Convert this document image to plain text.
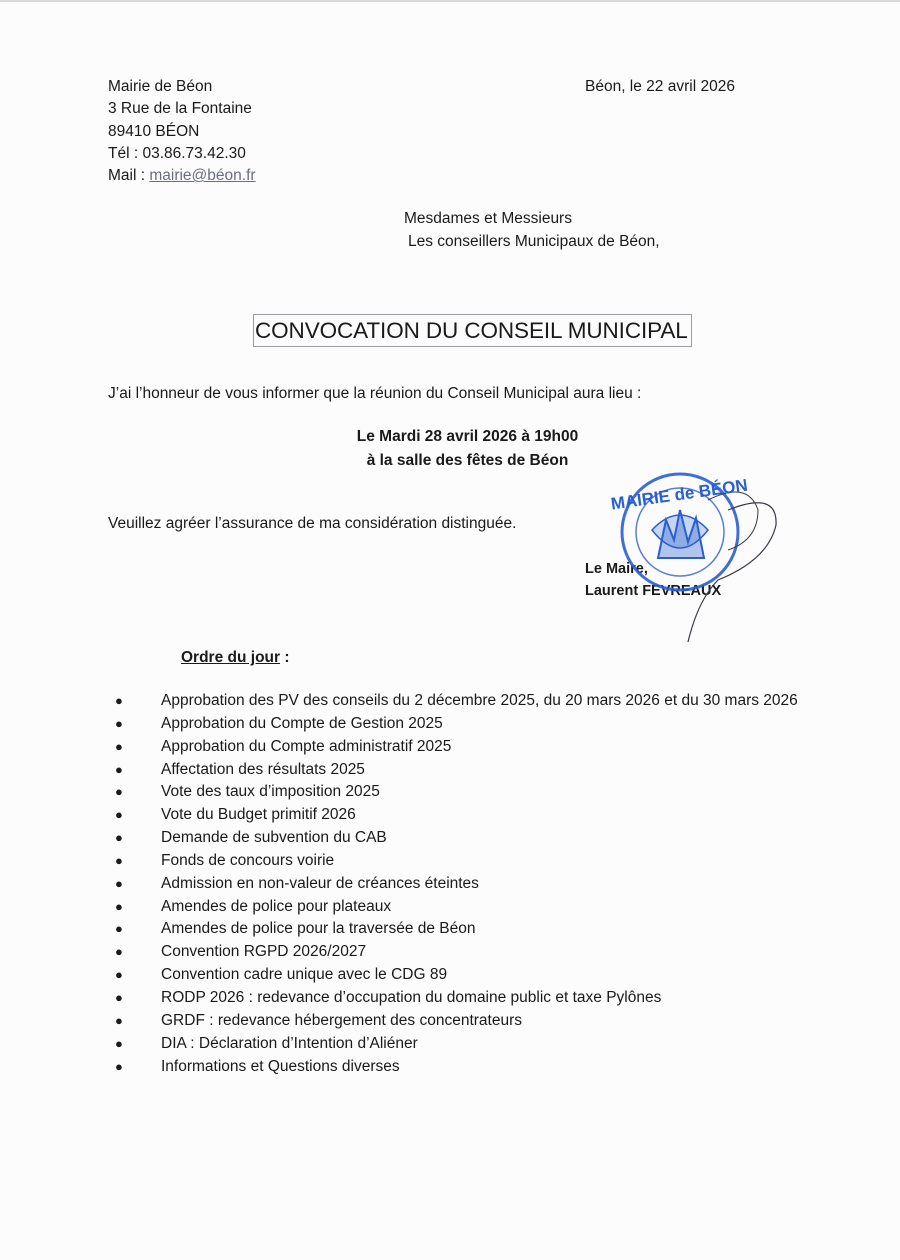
Mairie de Béon
3 Rue de la Fontaine
89410 BÉON
Tél : 03.86.73.42.30
Mail : mairie@béon.fr
Béon, le 22 avril 2026
Mesdames et Messieurs
Les conseillers Municipaux de Béon,
CONVOCATION DU CONSEIL MUNICIPAL
J’ai l’honneur de vous informer que la réunion du Conseil Municipal aura lieu :
Le Mardi 28 avril 2026 à 19h00
à la salle des fêtes de Béon
Veuillez agréer l’assurance de ma considération distinguée.
Le Maire,
Laurent FEVREAUX
MAIRIE de BÉON
Ordre du jour :
● Approbation des PV des conseils du 2 décembre 2025, du 20 mars 2026 et du 30 mars 2026
● Approbation du Compte de Gestion 2025
● Approbation du Compte administratif 2025
● Affectation des résultats 2025
● Vote des taux d’imposition 2025
● Vote du Budget primitif 2026
● Demande de subvention du CAB
● Fonds de concours voirie
● Admission en non-valeur de créances éteintes
● Amendes de police pour plateaux
● Amendes de police pour la traversée de Béon
● Convention RGPD 2026/2027
● Convention cadre unique avec le CDG 89
● RODP 2026 : redevance d’occupation du domaine public et taxe Pylônes
● GRDF : redevance hébergement des concentrateurs
● DIA : Déclaration d’Intention d’Aliéner
● Informations et Questions diverses
